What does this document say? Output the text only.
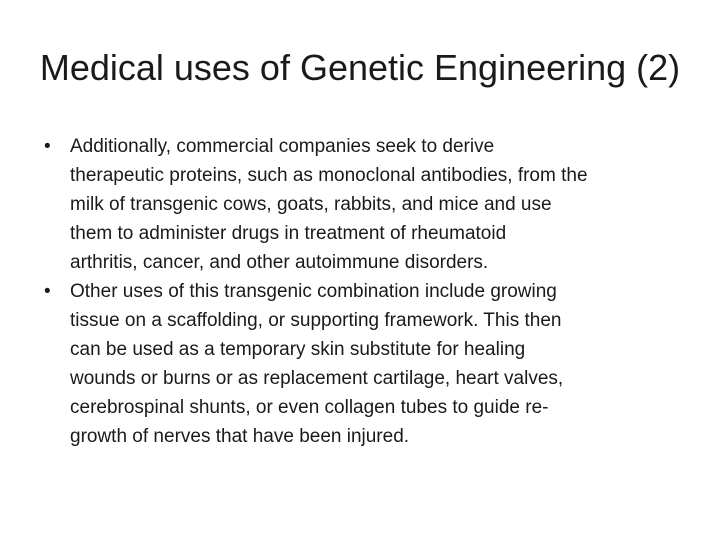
Medical uses of Genetic Engineering (2)
•	Additionally, commercial companies seek to derive
therapeutic proteins, such as monoclonal antibodies, from the
milk of transgenic cows, goats, rabbits, and mice and use
them to administer drugs in treatment of rheumatoid
arthritis, cancer, and other autoimmune disorders.
•	Other uses of this transgenic combination include growing
tissue on a scaffolding, or supporting framework. This then
can be used as a temporary skin substitute for healing
wounds or burns or as replacement cartilage, heart valves,
cerebrospinal shunts, or even collagen tubes to guide re-
growth of nerves that have been injured.
